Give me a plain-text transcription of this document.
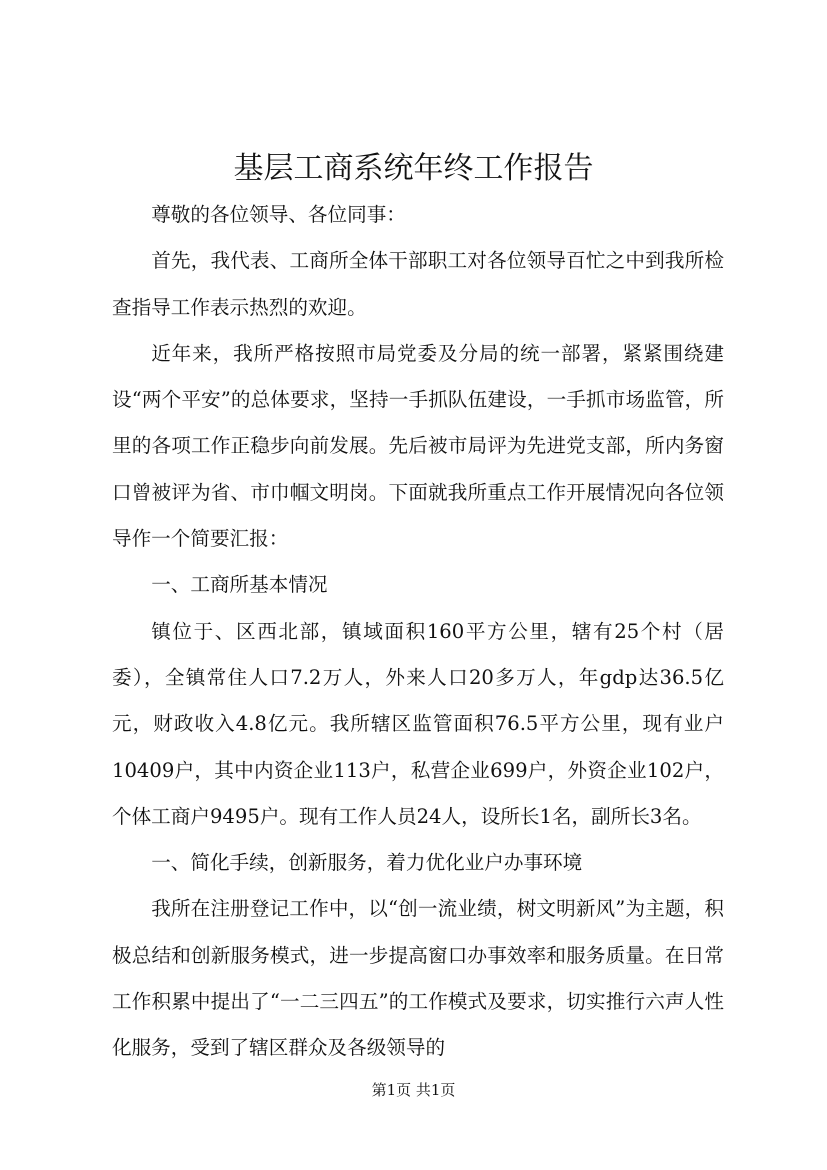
基层工商系统年终工作报告

尊敬的各位领导、各位同事：

首先，我代表、工商所全体干部职工对各位领导百忙之中到我所检查指导工作表示热烈的欢迎。

近年来，我所严格按照市局党委及分局的统一部署，紧紧围绕建设“两个平安”的总体要求，坚持一手抓队伍建设，一手抓市场监管，所里的各项工作正稳步向前发展。先后被市局评为先进党支部，所内务窗口曾被评为省、市巾帼文明岗。下面就我所重点工作开展情况向各位领导作一个简要汇报：

一、工商所基本情况

镇位于、区西北部，镇域面积160平方公里，辖有25个村（居委），全镇常住人口7.2万人，外来人口20多万人，年gdp达36.5亿元，财政收入4.8亿元。我所辖区监管面积76.5平方公里，现有业户10409户，其中内资企业113户，私营企业699户，外资企业102户，个体工商户9495户。现有工作人员24人，设所长1名，副所长3名。

一、简化手续，创新服务，着力优化业户办事环境

我所在注册登记工作中，以“创一流业绩，树文明新风”为主题，积极总结和创新服务模式，进一步提高窗口办事效率和服务质量。在日常工作积累中提出了“一二三四五”的工作模式及要求，切实推行六声人性化服务，受到了辖区群众及各级领导的

第1页 共1页
